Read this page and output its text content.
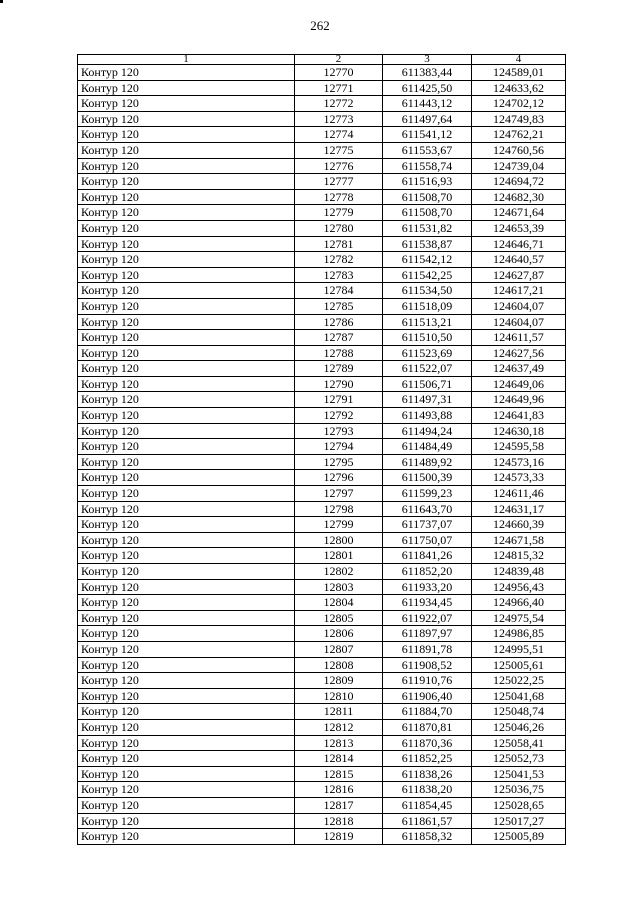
262
1	2	3	4
Контур 120	12770	611383,44	124589,01
Контур 120	12771	611425,50	124633,62
Контур 120	12772	611443,12	124702,12
Контур 120	12773	611497,64	124749,83
Контур 120	12774	611541,12	124762,21
Контур 120	12775	611553,67	124760,56
Контур 120	12776	611558,74	124739,04
Контур 120	12777	611516,93	124694,72
Контур 120	12778	611508,70	124682,30
Контур 120	12779	611508,70	124671,64
Контур 120	12780	611531,82	124653,39
Контур 120	12781	611538,87	124646,71
Контур 120	12782	611542,12	124640,57
Контур 120	12783	611542,25	124627,87
Контур 120	12784	611534,50	124617,21
Контур 120	12785	611518,09	124604,07
Контур 120	12786	611513,21	124604,07
Контур 120	12787	611510,50	124611,57
Контур 120	12788	611523,69	124627,56
Контур 120	12789	611522,07	124637,49
Контур 120	12790	611506,71	124649,06
Контур 120	12791	611497,31	124649,96
Контур 120	12792	611493,88	124641,83
Контур 120	12793	611494,24	124630,18
Контур 120	12794	611484,49	124595,58
Контур 120	12795	611489,92	124573,16
Контур 120	12796	611500,39	124573,33
Контур 120	12797	611599,23	124611,46
Контур 120	12798	611643,70	124631,17
Контур 120	12799	611737,07	124660,39
Контур 120	12800	611750,07	124671,58
Контур 120	12801	611841,26	124815,32
Контур 120	12802	611852,20	124839,48
Контур 120	12803	611933,20	124956,43
Контур 120	12804	611934,45	124966,40
Контур 120	12805	611922,07	124975,54
Контур 120	12806	611897,97	124986,85
Контур 120	12807	611891,78	124995,51
Контур 120	12808	611908,52	125005,61
Контур 120	12809	611910,76	125022,25
Контур 120	12810	611906,40	125041,68
Контур 120	12811	611884,70	125048,74
Контур 120	12812	611870,81	125046,26
Контур 120	12813	611870,36	125058,41
Контур 120	12814	611852,25	125052,73
Контур 120	12815	611838,26	125041,53
Контур 120	12816	611838,20	125036,75
Контур 120	12817	611854,45	125028,65
Контур 120	12818	611861,57	125017,27
Контур 120	12819	611858,32	125005,89
